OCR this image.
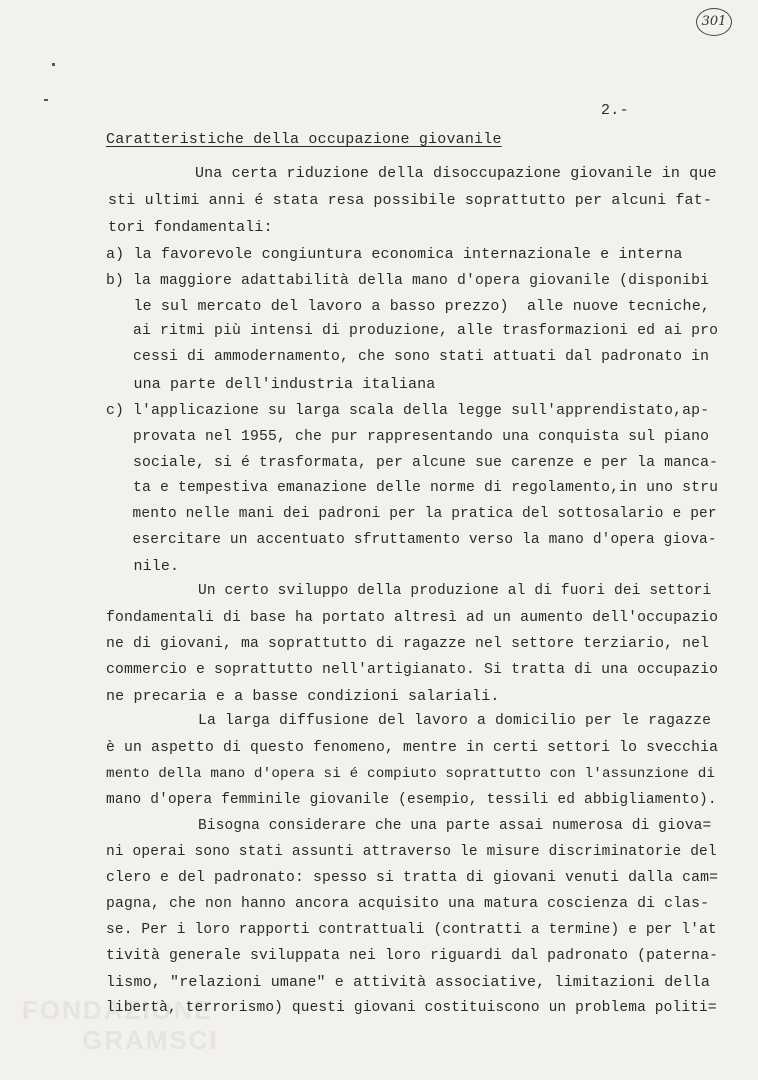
301
FONDAZIONE
GRAMSCI
2.-
Caratteristiche della occupazione giovanile
Una certa riduzione della disoccupazione giovanile in que
sti ultimi anni é stata resa possibile soprattutto per alcuni fat-
tori fondamentali:
a) la favorevole congiuntura economica internazionale e interna
b) la maggiore adattabilità della mano d'opera giovanile (disponibi
le sul mercato del lavoro a basso prezzo)  alle nuove tecniche,
ai ritmi più intensi di produzione, alle trasformazioni ed ai pro
cessi di ammodernamento, che sono stati attuati dal padronato in
una parte dell'industria italiana
c) l'applicazione su larga scala della legge sull'apprendistato,ap-
provata nel 1955, che pur rappresentando una conquista sul piano
sociale, si é trasformata, per alcune sue carenze e per la manca-
ta e tempestiva emanazione delle norme di regolamento,in uno stru
mento nelle mani dei padroni per la pratica del sottosalario e per
esercitare un accentuato sfruttamento verso la mano d'opera giova-
nile.
Un certo sviluppo della produzione al di fuori dei settori
fondamentali di base ha portato altresì ad un aumento dell'occupazio
ne di giovani, ma soprattutto di ragazze nel settore terziario, nel
commercio e soprattutto nell'artigianato. Si tratta di una occupazio
ne precaria e a basse condizioni salariali.
La larga diffusione del lavoro a domicilio per le ragazze
è un aspetto di questo fenomeno, mentre in certi settori lo svecchia
mento della mano d'opera si é compiuto soprattutto con l'assunzione di
mano d'opera femminile giovanile (esempio, tessili ed abbigliamento).
Bisogna considerare che una parte assai numerosa di giova=
ni operai sono stati assunti attraverso le misure discriminatorie del
clero e del padronato: spesso si tratta di giovani venuti dalla cam=
pagna, che non hanno ancora acquisito una matura coscienza di clas-
se. Per i loro rapporti contrattuali (contratti a termine) e per l'at
tività generale sviluppata nei loro riguardi dal padronato (paterna-
lismo, "relazioni umane" e attività associative, limitazioni della
libertà, terrorismo) questi giovani costituiscono un problema politi=
